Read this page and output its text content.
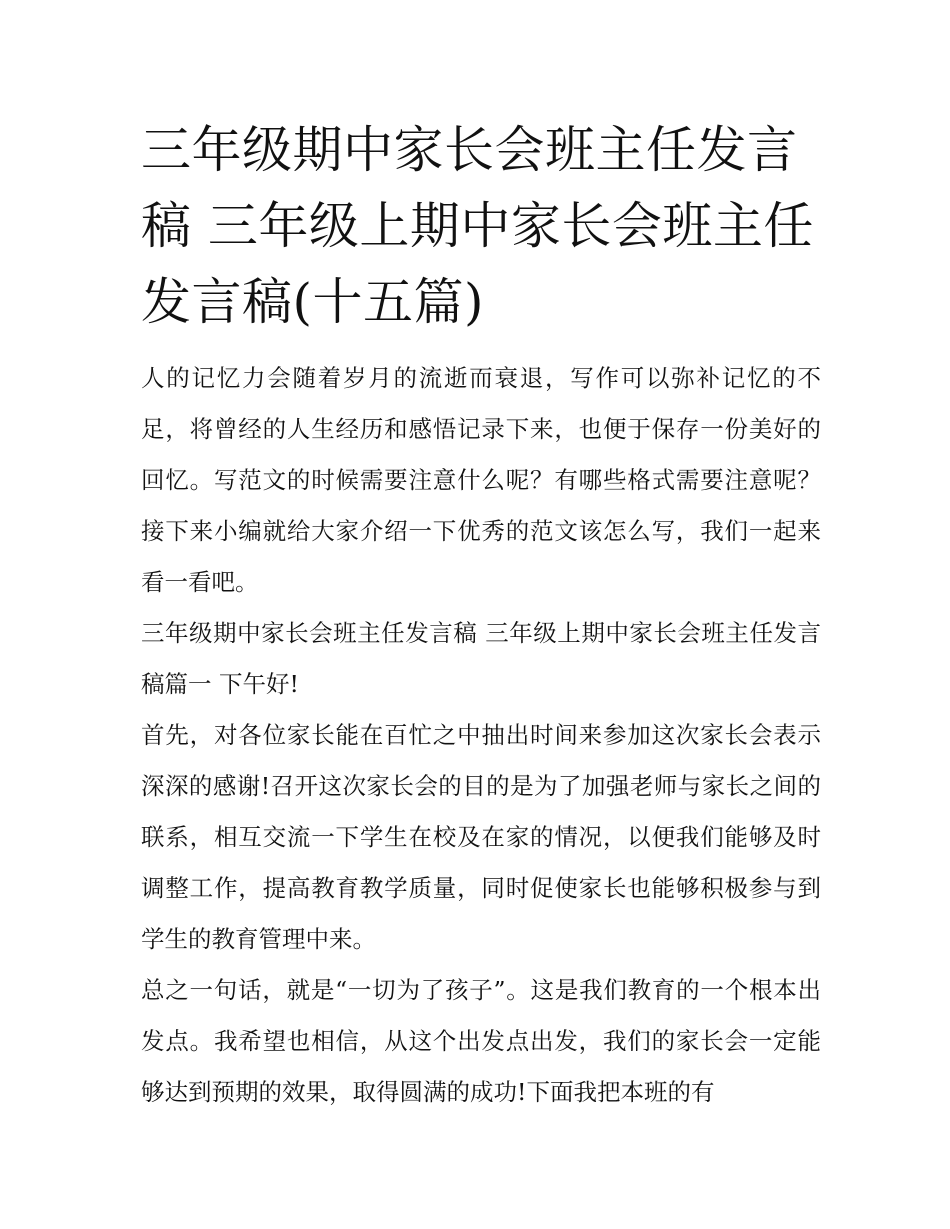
三年级期中家长会班主任发言稿 三年级上期中家长会班主任发言稿(十五篇)

人的记忆力会随着岁月的流逝而衰退，写作可以弥补记忆的不足，将曾经的人生经历和感悟记录下来，也便于保存一份美好的回忆。写范文的时候需要注意什么呢？有哪些格式需要注意呢？接下来小编就给大家介绍一下优秀的范文该怎么写，我们一起来看一看吧。

三年级期中家长会班主任发言稿 三年级上期中家长会班主任发言稿篇一 下午好!

首先，对各位家长能在百忙之中抽出时间来参加这次家长会表示深深的感谢!召开这次家长会的目的是为了加强老师与家长之间的联系，相互交流一下学生在校及在家的情况，以便我们能够及时调整工作，提高教育教学质量，同时促使家长也能够积极参与到学生的教育管理中来。

总之一句话，就是“一切为了孩子”。这是我们教育的一个根本出发点。我希望也相信，从这个出发点出发，我们的家长会一定能够达到预期的效果，取得圆满的成功!下面我把本班的有
